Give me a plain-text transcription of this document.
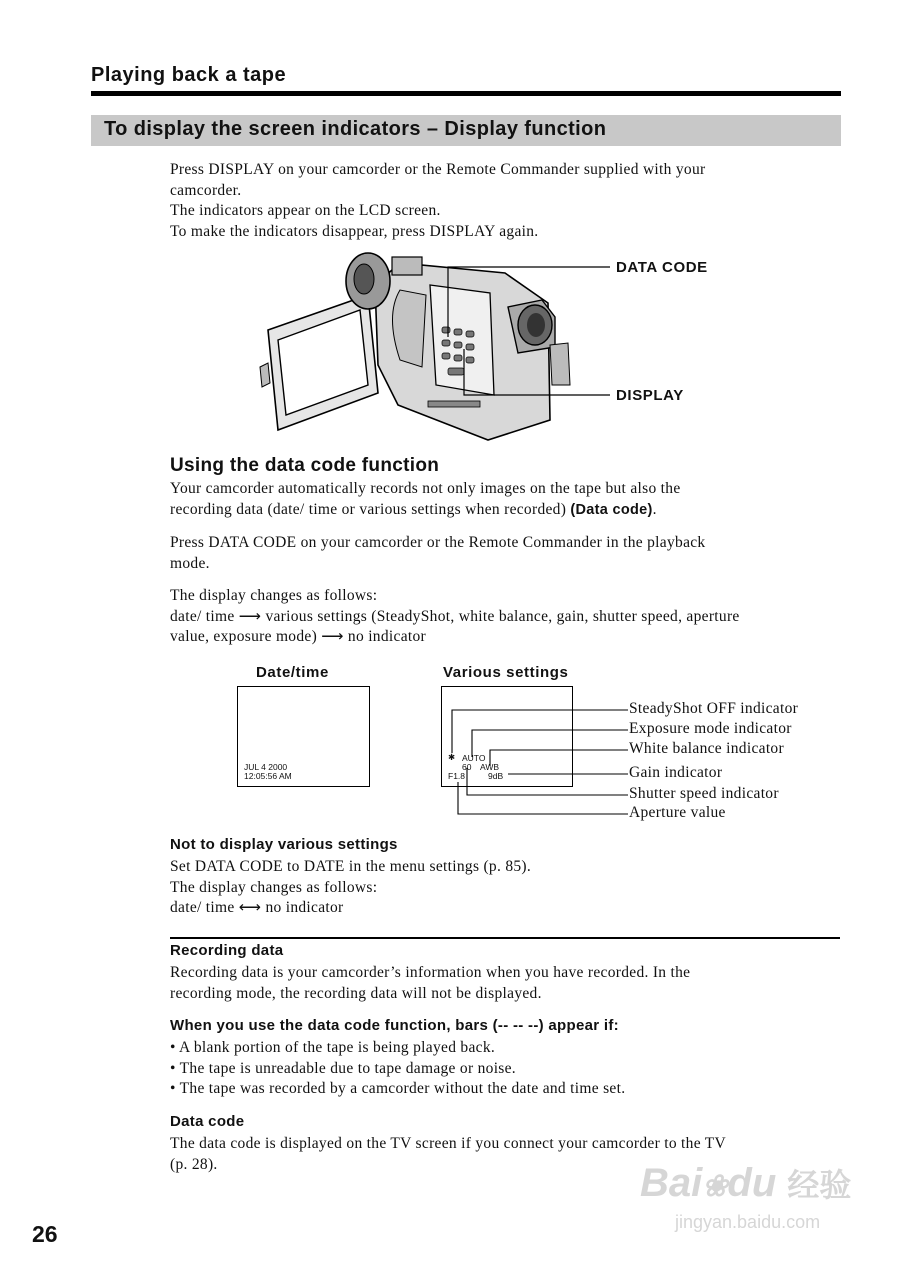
Playing back a tape
To display the screen indicators – Display function
Press DISPLAY on your camcorder or the Remote Commander supplied with your
camcorder.
The indicators appear on the LCD screen.
To make the indicators disappear, press DISPLAY again.
DATA CODE
DISPLAY
Using the data code function
Your camcorder automatically records not only images on the tape but also the
recording data (date/ time or various settings when recorded) (Data code).
Press DATA CODE on your camcorder or the Remote Commander in the playback
mode.
The display changes as follows:
date/ time ⟶ various settings (SteadyShot, white balance, gain, shutter speed, aperture
value, exposure mode) ⟶ no indicator
Date/time
JUL 4 2000
12:05:56 AM
Various settings
✱ AUTO
60 AWB
F1.8	9dB
SteadyShot OFF indicator
Exposure mode indicator
White balance indicator
Gain indicator
Shutter speed indicator
Aperture value
Not to display various settings
Set DATA CODE to DATE in the menu settings (p. 85).
The display changes as follows:
date/ time ⟷ no indicator
Recording data
Recording data is your camcorder’s information when you have recorded. In the
recording mode, the recording data will not be displayed.
When you use the data code function, bars (-- -- --) appear if:
• A blank portion of the tape is being played back.
• The tape is unreadable due to tape damage or noise.
• The tape was recorded by a camcorder without the date and time set.
Data code
The data code is displayed on the TV screen if you connect your camcorder to the TV
(p. 28).	Bai❀du 经验
jingyan.baidu.com
26
